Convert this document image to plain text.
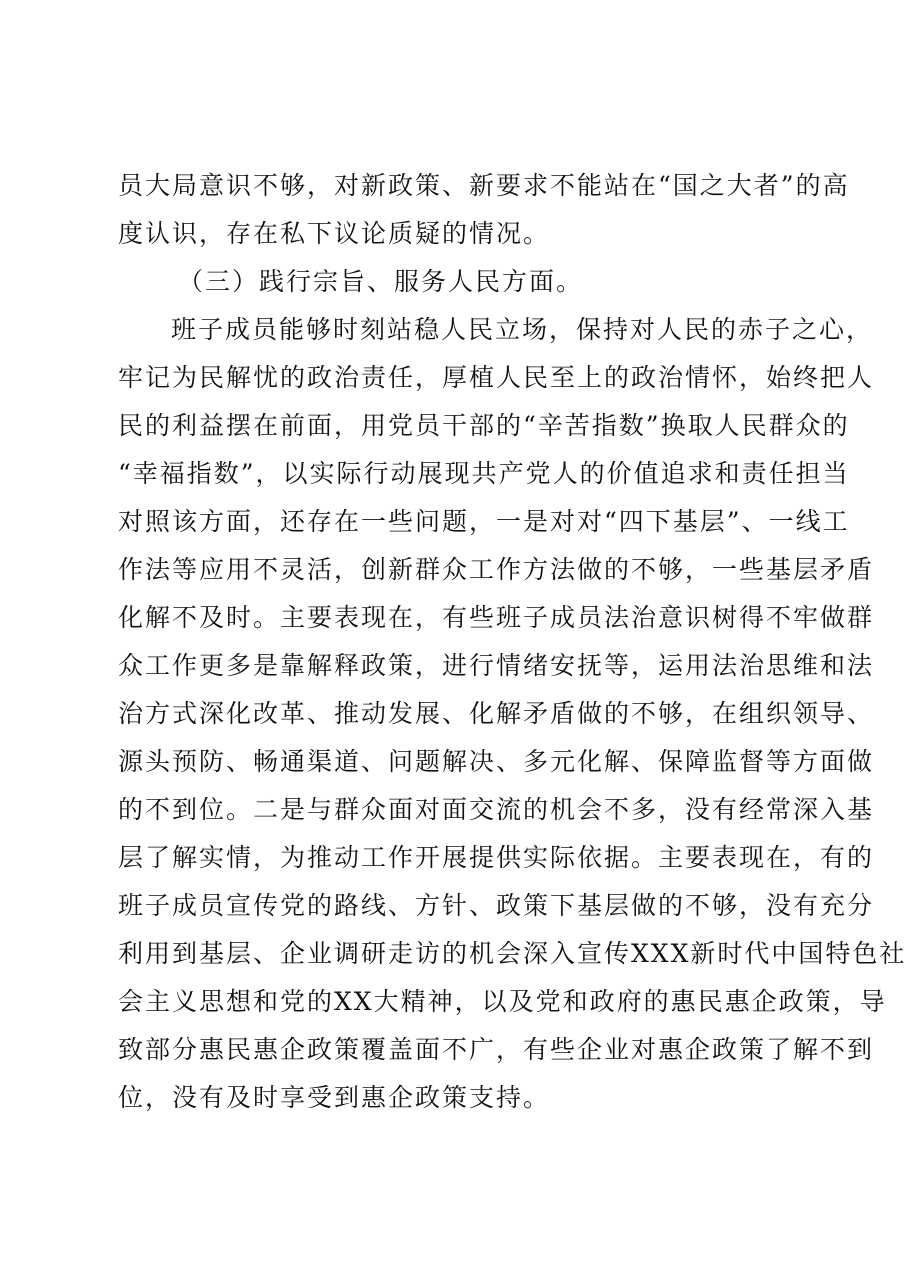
员大局意识不够，对新政策、新要求不能站在“国之大者”的高
度认识，存在私下议论质疑的情况。
（三）践行宗旨、服务人民方面。
班子成员能够时刻站稳人民立场，保持对人民的赤子之心，
牢记为民解忧的政治责任，厚植人民至上的政治情怀，始终把人
民的利益摆在前面，用党员干部的“辛苦指数”换取人民群众的
“幸福指数”，以实际行动展现共产党人的价值追求和责任担当
对照该方面，还存在一些问题，一是对对“四下基层”、一线工
作法等应用不灵活，创新群众工作方法做的不够，一些基层矛盾
化解不及时。主要表现在，有些班子成员法治意识树得不牢做群
众工作更多是靠解释政策，进行情绪安抚等，运用法治思维和法
治方式深化改革、推动发展、化解矛盾做的不够，在组织领导、
源头预防、畅通渠道、问题解决、多元化解、保障监督等方面做
的不到位。二是与群众面对面交流的机会不多，没有经常深入基
层了解实情，为推动工作开展提供实际依据。主要表现在，有的
班子成员宣传党的路线、方针、政策下基层做的不够，没有充分
利用到基层、企业调研走访的机会深入宣传XXX新时代中国特色社
会主义思想和党的XX大精神，以及党和政府的惠民惠企政策，导
致部分惠民惠企政策覆盖面不广，有些企业对惠企政策了解不到
位，没有及时享受到惠企政策支持。
